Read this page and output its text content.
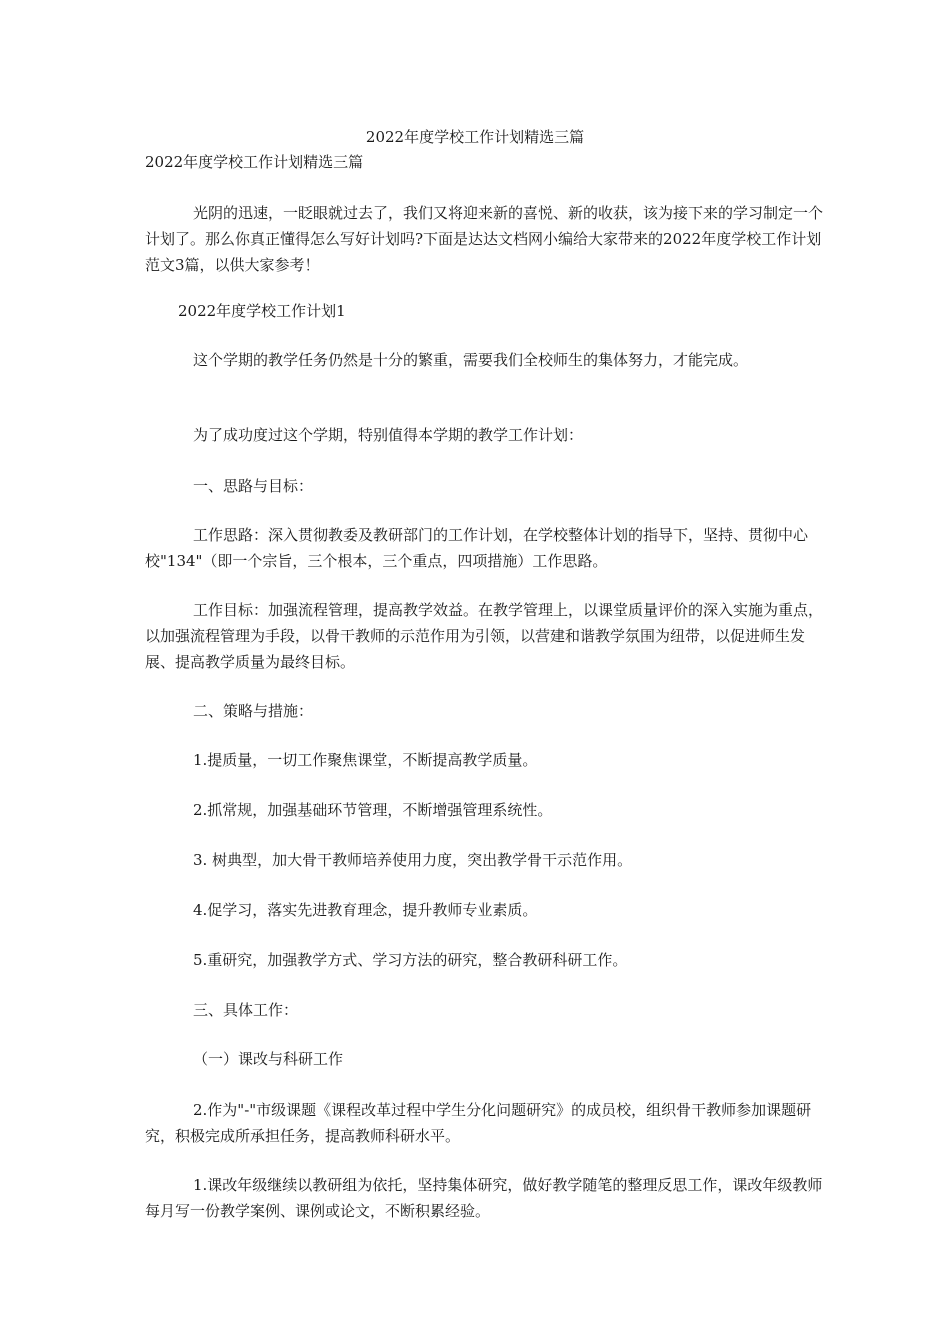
2022年度学校工作计划精选三篇
2022年度学校工作计划精选三篇
光阴的迅速，一眨眼就过去了，我们又将迎来新的喜悦、新的收获，该为接下来的学习制定一个计划了。那么你真正懂得怎么写好计划吗?下面是达达文档网小编给大家带来的2022年度学校工作计划范文3篇，以供大家参考！
2022年度学校工作计划1
这个学期的教学任务仍然是十分的繁重，需要我们全校师生的集体努力，才能完成。
为了成功度过这个学期，特别值得本学期的教学工作计划：
一、思路与目标：
工作思路：深入贯彻教委及教研部门的工作计划，在学校整体计划的指导下，坚持、贯彻中心校"134"（即一个宗旨，三个根本，三个重点，四项措施）工作思路。
工作目标：加强流程管理，提高教学效益。在教学管理上，以课堂质量评价的深入实施为重点，以加强流程管理为手段，以骨干教师的示范作用为引领，以营建和谐教学氛围为纽带，以促进师生发展、提高教学质量为最终目标。
二、策略与措施：
1.提质量，一切工作聚焦课堂，不断提高教学质量。
2.抓常规，加强基础环节管理，不断增强管理系统性。
3. 树典型，加大骨干教师培养使用力度，突出教学骨干示范作用。
4.促学习，落实先进教育理念，提升教师专业素质。
5.重研究，加强教学方式、学习方法的研究，整合教研科研工作。
三、具体工作：
（一）课改与科研工作
2.作为"-"市级课题《课程改革过程中学生分化问题研究》的成员校，组织骨干教师参加课题研究，积极完成所承担任务，提高教师科研水平。
1.课改年级继续以教研组为依托，坚持集体研究，做好教学随笔的整理反思工作，课改年级教师每月写一份教学案例、课例或论文，不断积累经验。
